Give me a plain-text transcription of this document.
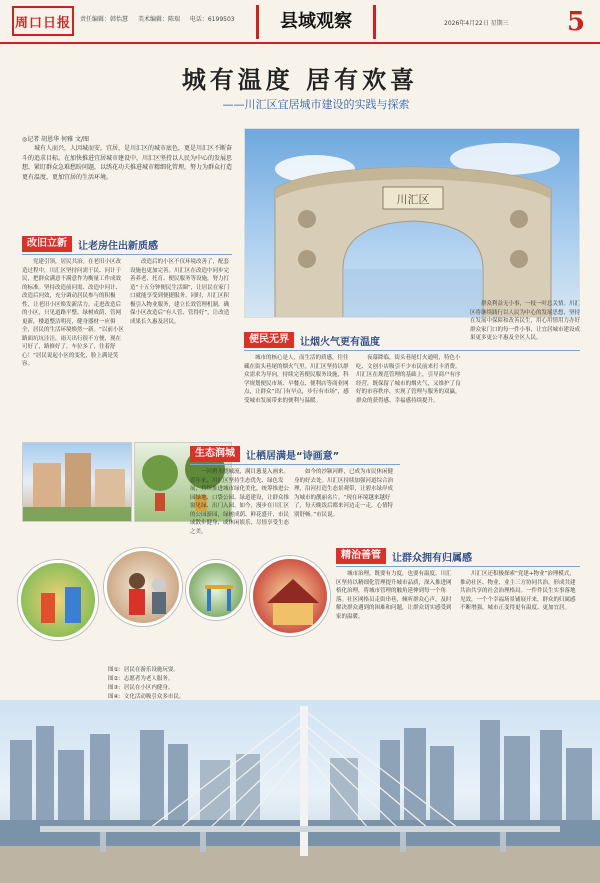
周口日报	责任编辑：韩怡慧 美术编辑：陈瑞 电话：6199503	县域观察	2026年4月22日 星期三 5
城有温度 居有欢喜
——川汇区宜居城市建设的实践与探索
◎记者 胡恩华 何雅 文/图
城有人而兴，人因城而安。宜居，是川汇区的城市底色，更是川汇区不断奋斗的追求目标。在加快推进宜居城市建设中，川汇区坚持以人民为中心的发展思想，紧盯群众急难愁盼问题，以绣花功夫推进城市精细化管理，努力为群众打造更有温度、更加宜居的生活环境。
川汇区
改旧立新	让老房住出新质感
党建引领，居民共治。在老旧小区改造过程中，川汇区坚持问需于民、问计于民，把群众满意不满意作为衡量工作成效的标准。坚持改造前问需、改造中问计、改造后问效，充分调动居民参与的积极性，让老旧小区焕发新活力。走进改造后的小区，只见道路平整、绿树成荫、管网更新，楼道整洁明亮，健身器材一应俱全，居民的生活环境焕然一新。“以前小区路面坑坑洼洼，雨天出行很不方便，现在可好了，路修好了，车位多了，住着舒心！”居民说起小区的变化，脸上满是笑容。
改造后的小区不仅环境改善了，配套设施也更加完善。川汇区在改造中同步完善养老、托育、便民服务等设施，努力打造“十五分钟便民生活圈”，让居民在家门口就能享受到便捷服务。同时，川汇区积极引入物业服务，建立长效管理机制，确保小区改造后“有人管、管得好”，让改造成果长久惠及居民。
便民无界	让烟火气更有温度
城市的核心是人，而生活的质感，往往藏在街头巷尾的烟火气里。川汇区坚持以群众需求为导向，持续完善便民服务设施，科学规划便民市场、早餐点、便利店等商业网点，让群众“出门有早点，步行有市场”，感受城市发展带来的便利与温暖。
夜幕降临，街头巷尾灯火通明，特色小吃、文创小店吸引不少市民前来打卡消费。川汇区在规范管理的基础上，引导商户有序经营，既保留了城市的烟火气，又维护了良好的市容秩序，实现了管理与服务的双赢，群众的获得感、幸福感持续提升。
群众利益无小事，一枝一叶总关情。川汇区将继续践行以人民为中心的发展思想，坚持在发展中保障和改善民生，用心用情用力办好群众家门口的每一件小事，让宜居城市建设成果更多更公平惠及全区人民。
生态润城	让栖居满是“诗画意”
一河碧水绕城流，满目葱茏入画来。近年来，川汇区坚持生态优先、绿色发展，持续推进城市绿化美化，统筹推进公园绿地、口袋公园、绿道建设，让群众推窗见绿、出门入园。如今，漫步在川汇区的公园游园，绿树成荫、鲜花盛开，市民或散步健身、或休闲娱乐，尽情享受生态之美。
如今的沙颍河畔，已成为市民休闲健身的好去处。川汇区持续加强河道综合治理，沿河打造生态景观带，让碧水绿岸成为城市的靓丽名片。“现在环境越来越好了，每天晚饭后都来河边走一走，心情特别舒畅。”市民说。
精治善管	让群众拥有归属感
城市治理，既要有力度，也要有温度。川汇区坚持以精细化管理提升城市品质，深入推进网格化治理，将城市管理的触角延伸到每一个角落。社区网格员走街串巷，倾听群众心声，及时解决群众遇到的困难和问题，让群众切实感受到家的温暖。
川汇区还积极探索“党建+物业”治理模式，推动社区、物业、业主三方协同共治，形成共建共治共享的社会治理格局。一件件民生实事落地见效，一个个幸福场景铺展开来，群众的归属感不断增强，城市正变得更有温度、更加宜居。
图①：居民在游乐设施玩耍。
图②：志愿者为老人服务。
图③：居民在小区内健身。
图④：文化活动吸引众多市民。
